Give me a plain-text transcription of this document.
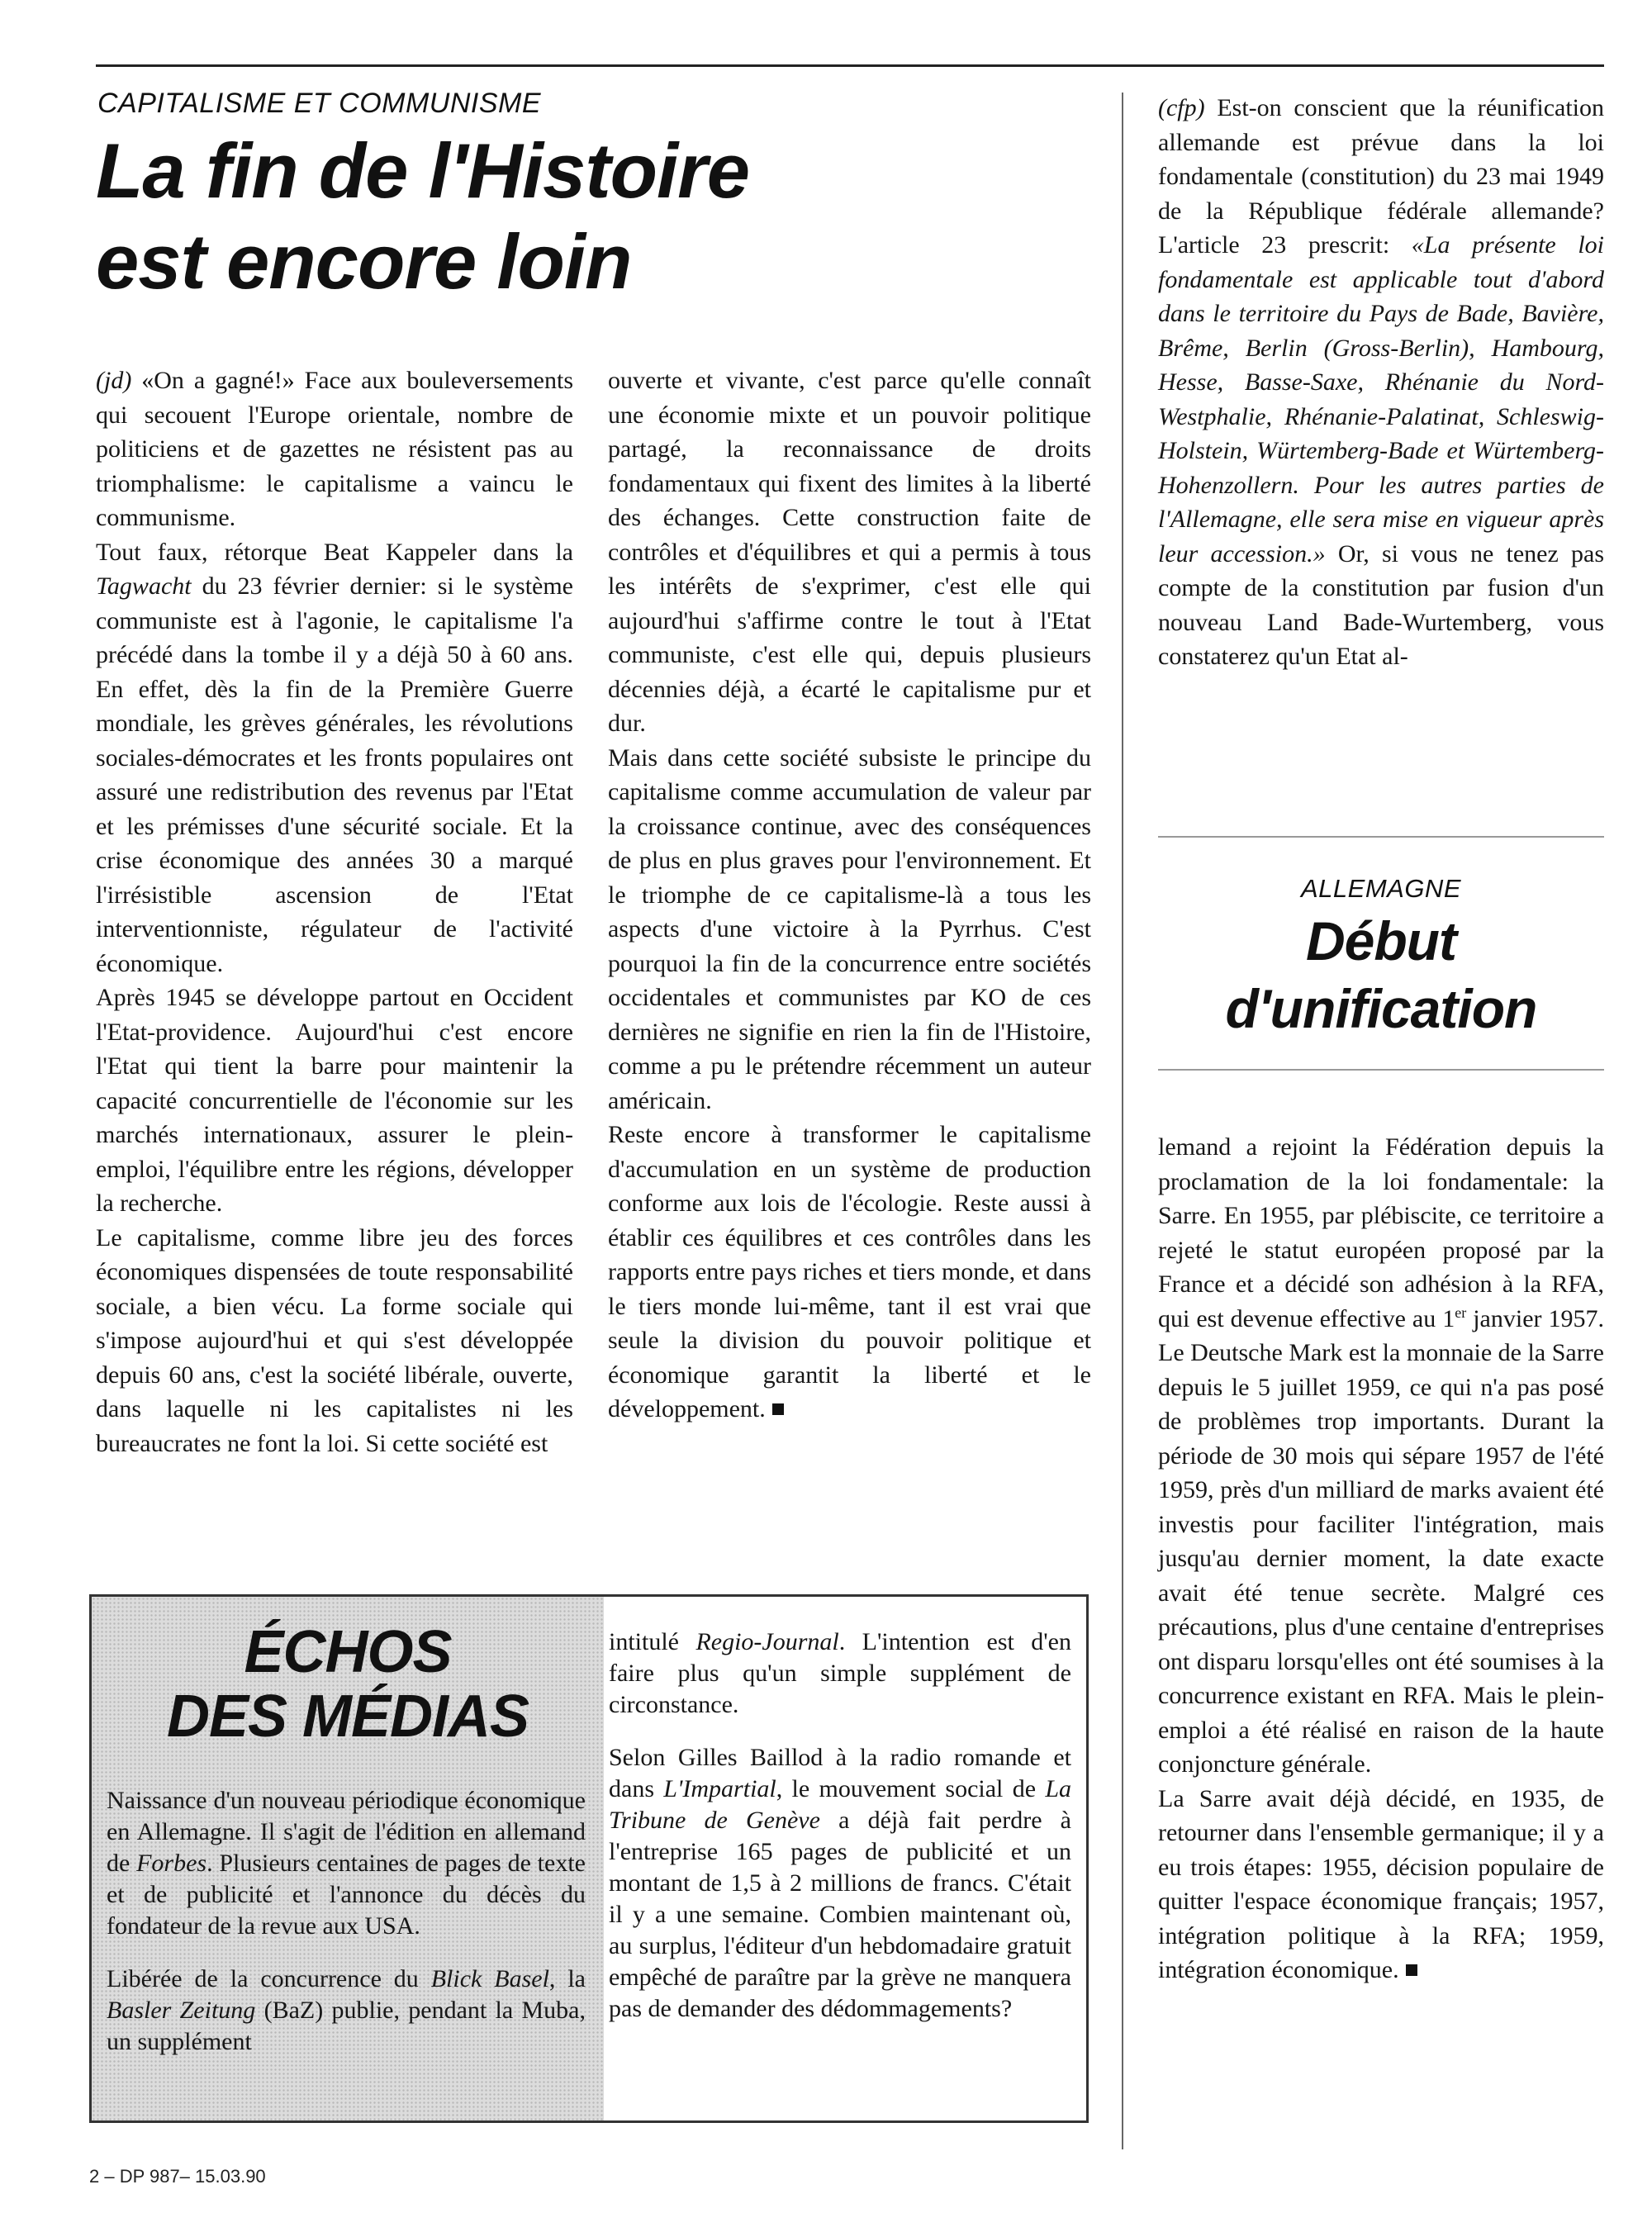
CAPITALISME ET COMMUNISME
La fin de l'Histoire
est encore loin

(jd) «On a gagné!» Face aux bouleversements qui secouent l'Europe orientale, nombre de politiciens et de gazettes ne résistent pas au triomphalisme: le capitalisme a vaincu le communisme.

Tout faux, rétorque Beat Kappeler dans la Tagwacht du 23 février dernier: si le système communiste est à l'agonie, le capitalisme l'a précédé dans la tombe il y a déjà 50 à 60 ans. En effet, dès la fin de la Première Guerre mondiale, les grèves générales, les révolutions sociales-démocrates et les fronts populaires ont assuré une redistribution des revenus par l'Etat et les prémisses d'une sécurité sociale. Et la crise économique des années 30 a marqué l'irrésistible ascension de l'Etat interventionniste, régulateur de l'activité économique.

Après 1945 se développe partout en Occident l'Etat-providence. Aujourd'hui c'est encore l'Etat qui tient la barre pour maintenir la capacité concurrentielle de l'économie sur les marchés internationaux, assurer le plein-emploi, l'équilibre entre les régions, développer la recherche.

Le capitalisme, comme libre jeu des forces économiques dispensées de toute responsabilité sociale, a bien vécu. La forme sociale qui s'impose aujourd'hui et qui s'est développée depuis 60 ans, c'est la société libérale, ouverte, dans laquelle ni les capitalistes ni les bureaucrates ne font la loi. Si cette société est

ouverte et vivante, c'est parce qu'elle connaît une économie mixte et un pouvoir politique partagé, la reconnaissance de droits fondamentaux qui fixent des limites à la liberté des échanges. Cette construction faite de contrôles et d'équilibres et qui a permis à tous les intérêts de s'exprimer, c'est elle qui aujourd'hui s'affirme contre le tout à l'Etat communiste, c'est elle qui, depuis plusieurs décennies déjà, a écarté le capitalisme pur et dur.

Mais dans cette société subsiste le principe du capitalisme comme accumulation de valeur par la croissance continue, avec des conséquences de plus en plus graves pour l'environnement. Et le triomphe de ce capitalisme-là a tous les aspects d'une victoire à la Pyrrhus. C'est pourquoi la fin de la concurrence entre sociétés occidentales et communistes par KO de ces dernières ne signifie en rien la fin de l'Histoire, comme a pu le prétendre récemment un auteur américain.

Reste encore à transformer le capitalisme d'accumulation en un système de production conforme aux lois de l'écologie. Reste aussi à établir ces équilibres et ces contrôles dans les rapports entre pays riches et tiers monde, et dans le tiers monde lui-même, tant il est vrai que seule la division du pouvoir politique et économique garantit la liberté et le développement.

ÉCHOS
DES MÉDIAS

Naissance d'un nouveau périodique économique en Allemagne. Il s'agit de l'édition en allemand de Forbes. Plusieurs centaines de pages de texte et de publicité et l'annonce du décès du fondateur de la revue aux USA.

Libérée de la concurrence du Blick Basel, la Basler Zeitung (BaZ) publie, pendant la Muba, un supplément

intitulé Regio-Journal. L'intention est d'en faire plus qu'un simple supplément de circonstance.

Selon Gilles Baillod à la radio romande et dans L'Impartial, le mouvement social de La Tribune de Genève a déjà fait perdre à l'entreprise 165 pages de publicité et un montant de 1,5 à 2 millions de francs. C'était il y a une semaine. Combien maintenant où, au surplus, l'éditeur d'un hebdomadaire gratuit empêché de paraître par la grève ne manquera pas de demander des dédommagements?

(cfp) Est-on conscient que la réunification allemande est prévue dans la loi fondamentale (constitution) du 23 mai 1949 de la République fédérale allemande? L'article 23 prescrit: «La présente loi fondamentale est applicable tout d'abord dans le territoire du Pays de Bade, Bavière, Brême, Berlin (Gross-Berlin), Hambourg, Hesse, Basse-Saxe, Rhénanie du Nord-Westphalie, Rhénanie-Palatinat, Schleswig-Holstein, Würtemberg-Bade et Würtemberg-Hohenzollern. Pour les autres parties de l'Allemagne, elle sera mise en vigueur après leur accession.» Or, si vous ne tenez pas compte de la constitution par fusion d'un nouveau Land Bade-Wurtemberg, vous constaterez qu'un Etat al-

ALLEMAGNE
Début
d'unification

lemand a rejoint la Fédération depuis la proclamation de la loi fondamentale: la Sarre. En 1955, par plébiscite, ce territoire a rejeté le statut européen proposé par la France et a décidé son adhésion à la RFA, qui est devenue effective au 1er janvier 1957. Le Deutsche Mark est la monnaie de la Sarre depuis le 5 juillet 1959, ce qui n'a pas posé de problèmes trop importants. Durant la période de 30 mois qui sépare 1957 de l'été 1959, près d'un milliard de marks avaient été investis pour faciliter l'intégration, mais jusqu'au dernier moment, la date exacte avait été tenue secrète. Malgré ces précautions, plus d'une centaine d'entreprises ont disparu lorsqu'elles ont été soumises à la concurrence existant en RFA. Mais le plein-emploi a été réalisé en raison de la haute conjoncture générale.

La Sarre avait déjà décidé, en 1935, de retourner dans l'ensemble germanique; il y a eu trois étapes: 1955, décision populaire de quitter l'espace économique français; 1957, intégration politique à la RFA; 1959, intégration économique.

2 – DP 987– 15.03.90
